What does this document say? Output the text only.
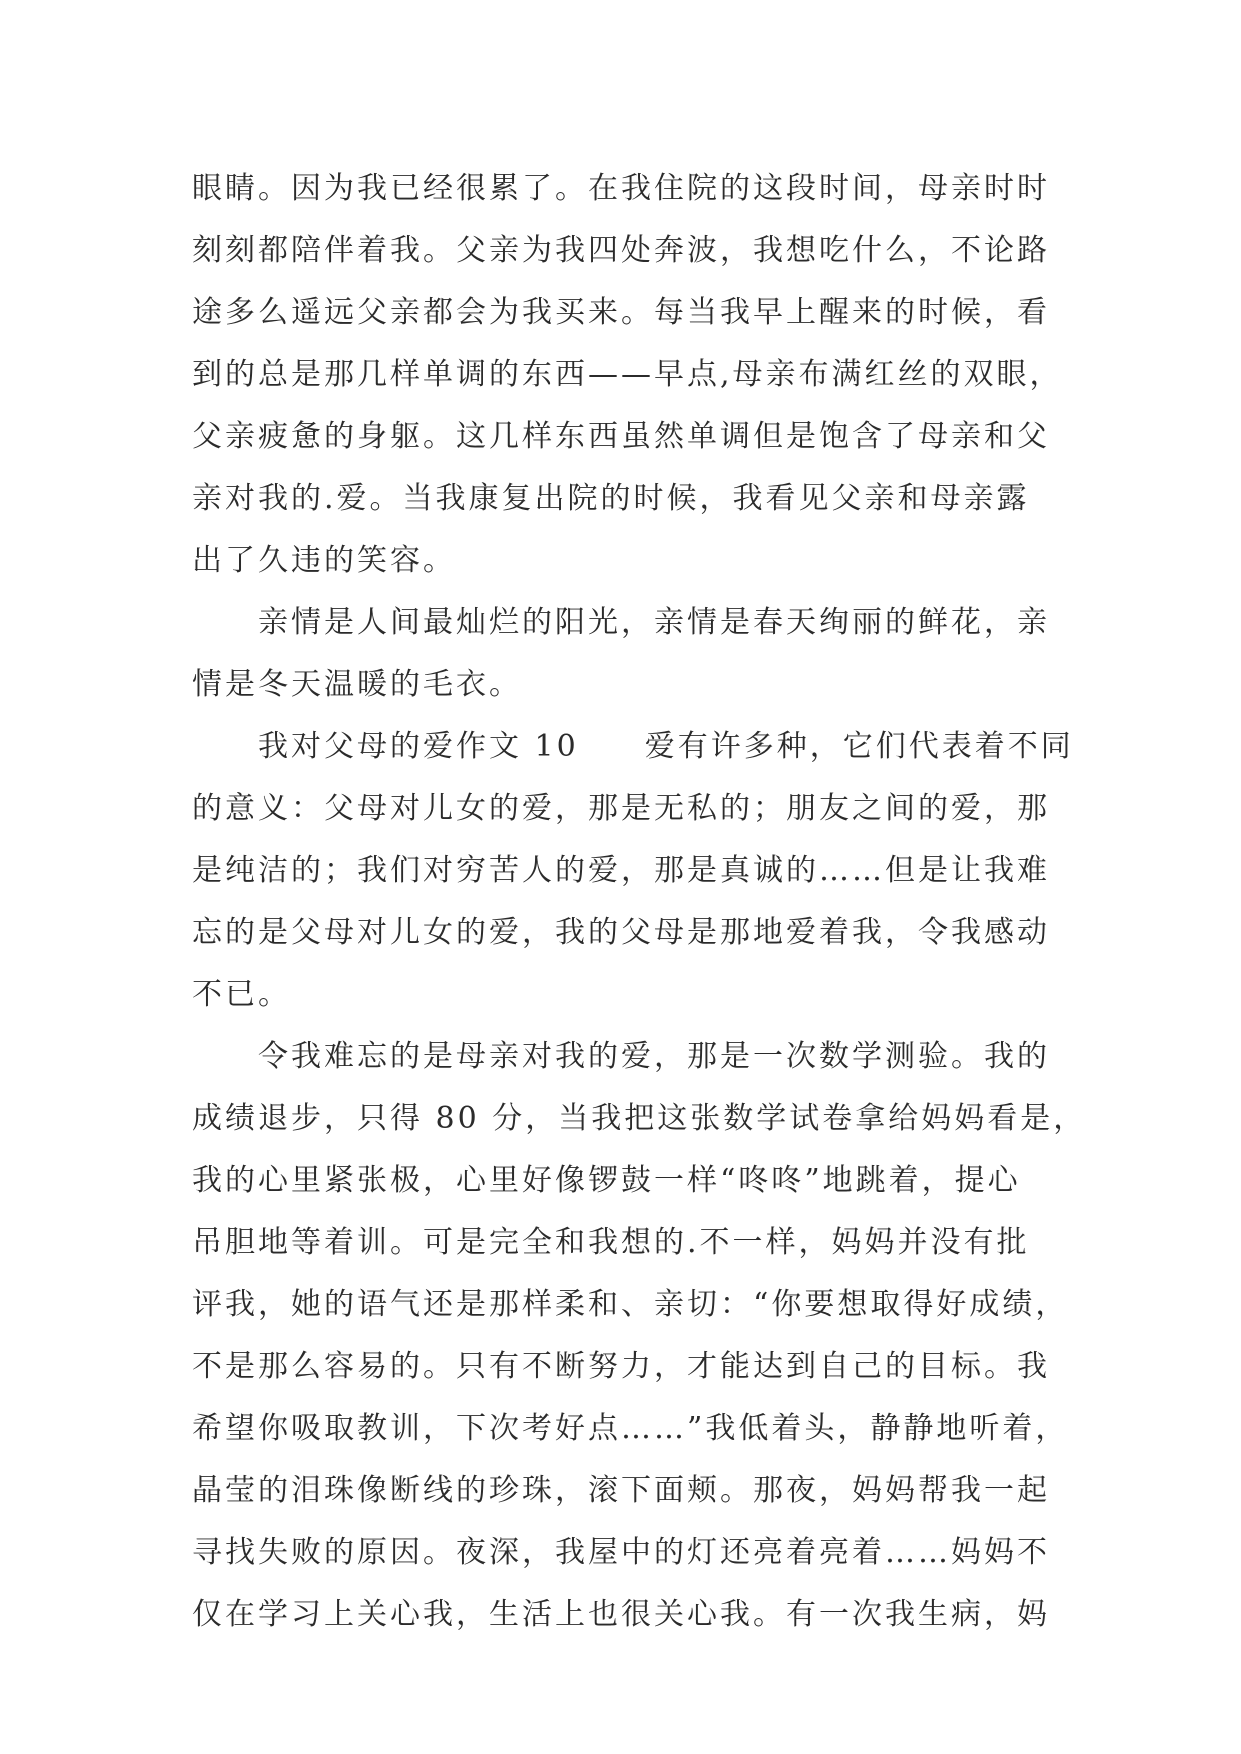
眼睛。因为我已经很累了。在我住院的这段时间，母亲时时
刻刻都陪伴着我。父亲为我四处奔波，我想吃什么，不论路
途多么遥远父亲都会为我买来。每当我早上醒来的时候，看
到的总是那几样单调的东西——早点,母亲布满红丝的双眼，
父亲疲惫的身躯。这几样东西虽然单调但是饱含了母亲和父
亲对我的.爱。当我康复出院的时候，我看见父亲和母亲露
出了久违的笑容。
　　亲情是人间最灿烂的阳光，亲情是春天绚丽的鲜花，亲
情是冬天温暖的毛衣。
　　我对父母的爱作文 10　　爱有许多种，它们代表着不同
的意义：父母对儿女的爱，那是无私的；朋友之间的爱，那
是纯洁的；我们对穷苦人的爱，那是真诚的……但是让我难
忘的是父母对儿女的爱，我的父母是那地爱着我，令我感动
不已。
　　令我难忘的是母亲对我的爱，那是一次数学测验。我的
成绩退步，只得 80 分，当我把这张数学试卷拿给妈妈看是，
我的心里紧张极，心里好像锣鼓一样“咚咚”地跳着，提心
吊胆地等着训。可是完全和我想的.不一样，妈妈并没有批
评我，她的语气还是那样柔和、亲切：“你要想取得好成绩，
不是那么容易的。只有不断努力，才能达到自己的目标。我
希望你吸取教训，下次考好点……”我低着头，静静地听着，
晶莹的泪珠像断线的珍珠，滚下面颊。那夜，妈妈帮我一起
寻找失败的原因。夜深，我屋中的灯还亮着亮着……妈妈不
仅在学习上关心我，生活上也很关心我。有一次我生病，妈
